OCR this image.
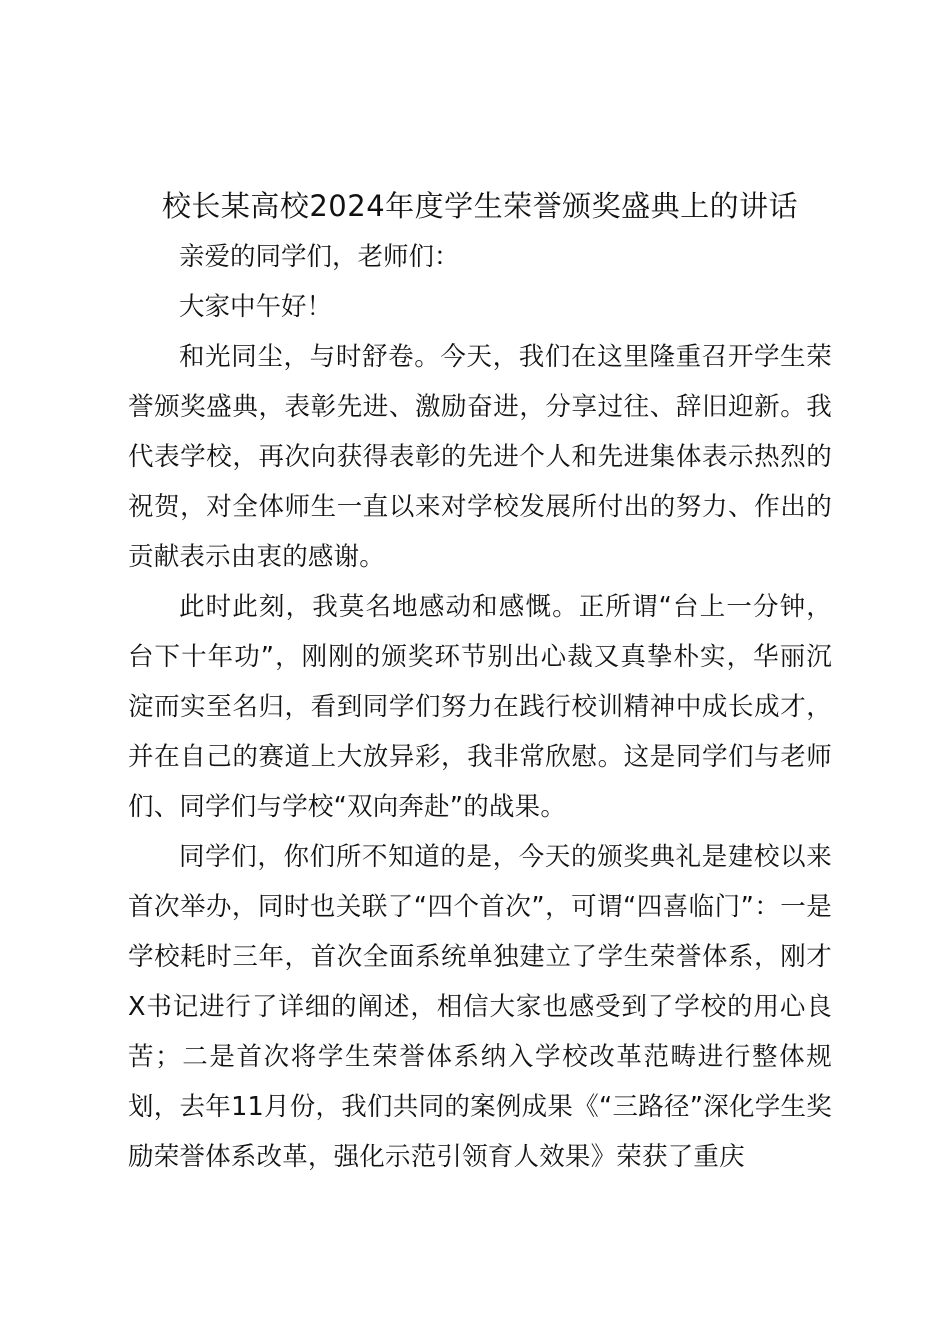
校长某高校2024年度学生荣誉颁奖盛典上的讲话

亲爱的同学们，老师们：

大家中午好！

和光同尘，与时舒卷。今天，我们在这里隆重召开学生荣誉颁奖盛典，表彰先进、激励奋进，分享过往、辞旧迎新。我代表学校，再次向获得表彰的先进个人和先进集体表示热烈的祝贺，对全体师生一直以来对学校发展所付出的努力、作出的贡献表示由衷的感谢。

此时此刻，我莫名地感动和感慨。正所谓“台上一分钟，台下十年功”，刚刚的颁奖环节别出心裁又真挚朴实，华丽沉淀而实至名归，看到同学们努力在践行校训精神中成长成才，并在自己的赛道上大放异彩，我非常欣慰。这是同学们与老师们、同学们与学校“双向奔赴”的战果。

同学们，你们所不知道的是，今天的颁奖典礼是建校以来首次举办，同时也关联了“四个首次”，可谓“四喜临门”：一是学校耗时三年，首次全面系统单独建立了学生荣誉体系，刚才X书记进行了详细的阐述，相信大家也感受到了学校的用心良苦；二是首次将学生荣誉体系纳入学校改革范畴进行整体规划，去年11月份，我们共同的案例成果《“三路径”深化学生奖励荣誉体系改革，强化示范引领育人效果》荣获了重庆
